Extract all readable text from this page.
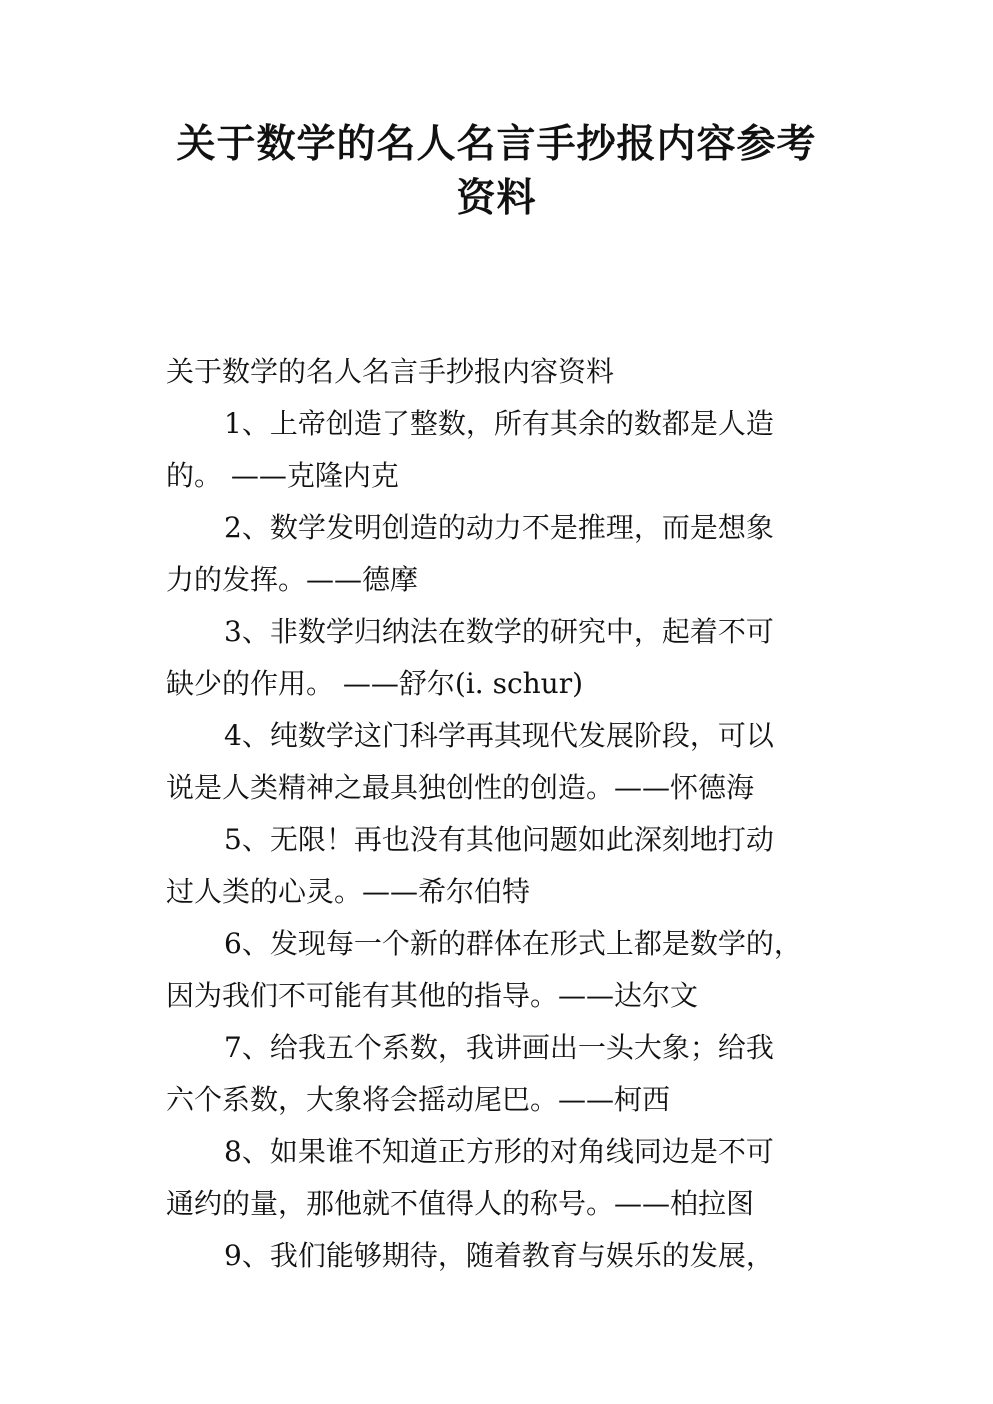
关于数学的名人名言手抄报内容参考
资料
关于数学的名人名言手抄报内容资料
1、上帝创造了整数，所有其余的数都是人造
的。 ——克隆内克
2、数学发明创造的动力不是推理，而是想象
力的发挥。——德摩
3、非数学归纳法在数学的研究中，起着不可
缺少的作用。 ——舒尔(i. schur)
4、纯数学这门科学再其现代发展阶段，可以
说是人类精神之最具独创性的创造。——怀德海
5、无限！再也没有其他问题如此深刻地打动
过人类的心灵。——希尔伯特
6、发现每一个新的群体在形式上都是数学的，
因为我们不可能有其他的指导。——达尔文
7、给我五个系数，我讲画出一头大象；给我
六个系数，大象将会摇动尾巴。——柯西
8、如果谁不知道正方形的对角线同边是不可
通约的量，那他就不值得人的称号。——柏拉图
9、我们能够期待，随着教育与娱乐的发展，
